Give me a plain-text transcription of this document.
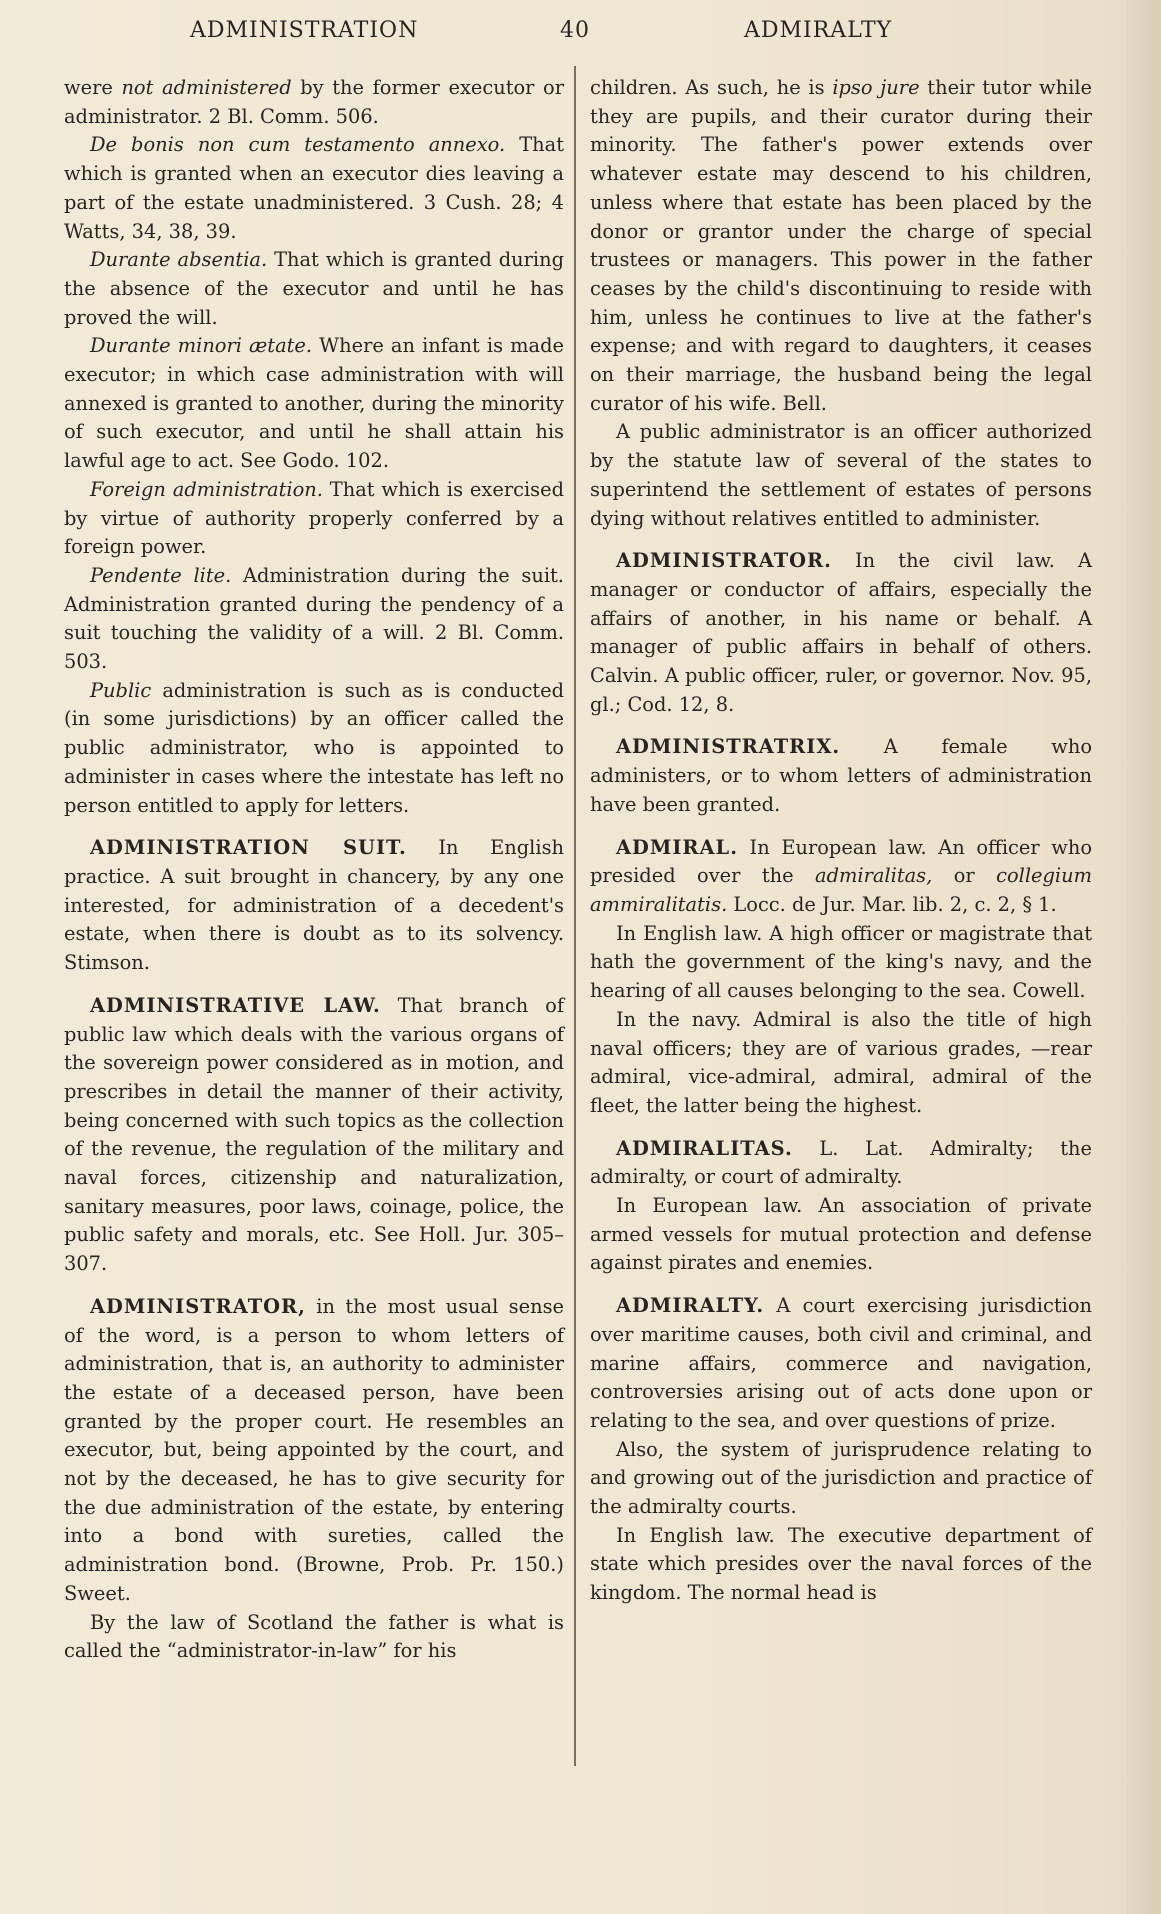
ADMINISTRATION	40	ADMIRALTY

were not administered by the former executor or administrator. 2 Bl. Comm. 506.

De bonis non cum testamento annexo. That which is granted when an executor dies leaving a part of the estate unadministered. 3 Cush. 28; 4 Watts, 34, 38, 39.

Durante absentia. That which is granted during the absence of the executor and until he has proved the will.

Durante minori ætate. Where an infant is made executor; in which case administration with will annexed is granted to another, during the minority of such executor, and until he shall attain his lawful age to act. See Godo. 102.

Foreign administration. That which is exercised by virtue of authority properly conferred by a foreign power.

Pendente lite. Administration during the suit. Administration granted during the pendency of a suit touching the validity of a will. 2 Bl. Comm. 503.

Public administration is such as is conducted (in some jurisdictions) by an officer called the public administrator, who is appointed to administer in cases where the intestate has left no person entitled to apply for letters.

ADMINISTRATION SUIT. In English practice. A suit brought in chancery, by any one interested, for administration of a decedent's estate, when there is doubt as to its solvency. Stimson.

ADMINISTRATIVE LAW. That branch of public law which deals with the various organs of the sovereign power considered as in motion, and prescribes in detail the manner of their activity, being concerned with such topics as the collection of the revenue, the regulation of the military and naval forces, citizenship and naturalization, sanitary measures, poor laws, coinage, police, the public safety and morals, etc. See Holl. Jur. 305–307.

ADMINISTRATOR, in the most usual sense of the word, is a person to whom letters of administration, that is, an authority to administer the estate of a deceased person, have been granted by the proper court. He resembles an executor, but, being appointed by the court, and not by the deceased, he has to give security for the due administration of the estate, by entering into a bond with sureties, called the administration bond. (Browne, Prob. Pr. 150.) Sweet.

By the law of Scotland the father is what is called the “administrator-in-law” for his

children. As such, he is ipso jure their tutor while they are pupils, and their curator during their minority. The father's power extends over whatever estate may descend to his children, unless where that estate has been placed by the donor or grantor under the charge of special trustees or managers. This power in the father ceases by the child's discontinuing to reside with him, unless he continues to live at the father's expense; and with regard to daughters, it ceases on their marriage, the husband being the legal curator of his wife. Bell.

A public administrator is an officer authorized by the statute law of several of the states to superintend the settlement of estates of persons dying without relatives entitled to administer.

ADMINISTRATOR. In the civil law. A manager or conductor of affairs, especially the affairs of another, in his name or behalf. A manager of public affairs in behalf of others. Calvin. A public officer, ruler, or governor. Nov. 95, gl.; Cod. 12, 8.

ADMINISTRATRIX. A female who administers, or to whom letters of administration have been granted.

ADMIRAL. In European law. An officer who presided over the admiralitas, or collegium ammiralitatis. Locc. de Jur. Mar. lib. 2, c. 2, § 1.

In English law. A high officer or magistrate that hath the government of the king's navy, and the hearing of all causes belonging to the sea. Cowell.

In the navy. Admiral is also the title of high naval officers; they are of various grades, —rear admiral, vice-admiral, admiral, admiral of the fleet, the latter being the highest.

ADMIRALITAS. L. Lat. Admiralty; the admiralty, or court of admiralty.

In European law. An association of private armed vessels for mutual protection and defense against pirates and enemies.

ADMIRALTY. A court exercising jurisdiction over maritime causes, both civil and criminal, and marine affairs, commerce and navigation, controversies arising out of acts done upon or relating to the sea, and over questions of prize.

Also, the system of jurisprudence relating to and growing out of the jurisdiction and practice of the admiralty courts.

In English law. The executive department of state which presides over the naval forces of the kingdom. The normal head is
